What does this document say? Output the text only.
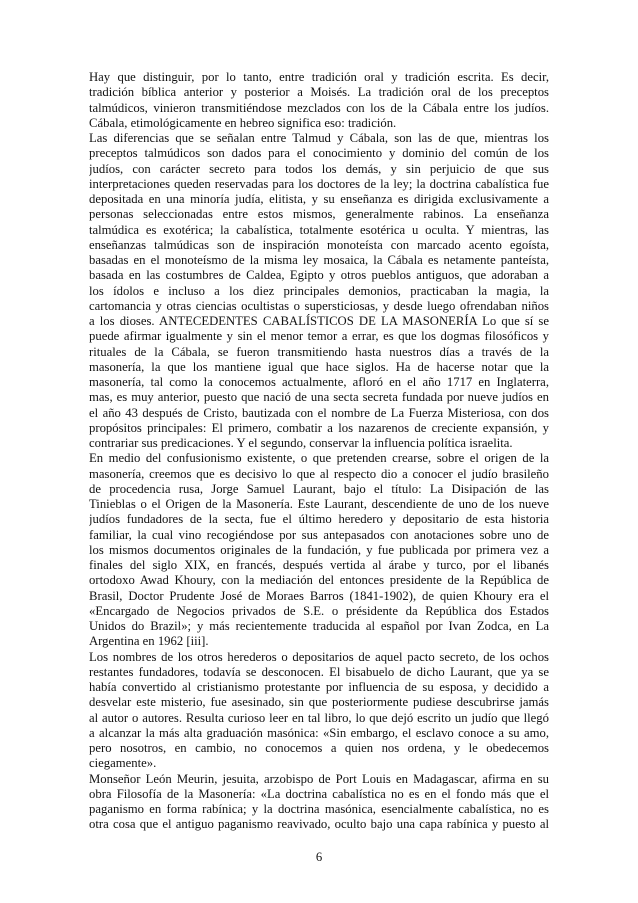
Hay que distinguir, por lo tanto, entre tradición oral y tradición escrita. Es decir,
tradición bíblica anterior y posterior a Moisés. La tradición oral de los preceptos
talmúdicos, vinieron transmitiéndose mezclados con los de la Cábala entre los judíos.
Cábala, etimológicamente en hebreo significa eso: tradición.
Las diferencias que se señalan entre Talmud y Cábala, son las de que, mientras los
preceptos talmúdicos son dados para el conocimiento y dominio del común de los
judíos, con carácter secreto para todos los demás, y sin perjuicio de que sus
interpretaciones queden reservadas para los doctores de la ley; la doctrina cabalística fue
depositada en una minoría judía, elitista, y su enseñanza es dirigida exclusivamente a
personas seleccionadas entre estos mismos, generalmente rabinos. La enseñanza
talmúdica es exotérica; la cabalística, totalmente esotérica u oculta. Y mientras, las
enseñanzas talmúdicas son de inspiración monoteísta con marcado acento egoísta,
basadas en el monoteísmo de la misma ley mosaica, la Cábala es netamente panteísta,
basada en las costumbres de Caldea, Egipto y otros pueblos antiguos, que adoraban a
los ídolos e incluso a los diez principales demonios, practicaban la magia, la
cartomancia y otras ciencias ocultistas o supersticiosas, y desde luego ofrendaban niños
a los dioses. ANTECEDENTES CABALÍSTICOS DE LA MASONERÍA Lo que sí se
puede afirmar igualmente y sin el menor temor a errar, es que los dogmas filosóficos y
rituales de la Cábala, se fueron transmitiendo hasta nuestros días a través de la
masonería, la que los mantiene igual que hace siglos. Ha de hacerse notar que la
masonería, tal como la conocemos actualmente, afloró en el año 1717 en Inglaterra,
mas, es muy anterior, puesto que nació de una secta secreta fundada por nueve judíos en
el año 43 después de Cristo, bautizada con el nombre de La Fuerza Misteriosa, con dos
propósitos principales: El primero, combatir a los nazarenos de creciente expansión, y
contrariar sus predicaciones. Y el segundo, conservar la influencia política israelita.
En medio del confusionismo existente, o que pretenden crearse, sobre el origen de la
masonería, creemos que es decisivo lo que al respecto dio a conocer el judío brasileño
de procedencia rusa, Jorge Samuel Laurant, bajo el título: La Disipación de las
Tinieblas o el Origen de la Masonería. Este Laurant, descendiente de uno de los nueve
judíos fundadores de la secta, fue el último heredero y depositario de esta historia
familiar, la cual vino recogiéndose por sus antepasados con anotaciones sobre uno de
los mismos documentos originales de la fundación, y fue publicada por primera vez a
finales del siglo XIX, en francés, después vertida al árabe y turco, por el libanés
ortodoxo Awad Khoury, con la mediación del entonces presidente de la República de
Brasil, Doctor Prudente José de Moraes Barros (1841-1902), de quien Khoury era el
«Encargado de Negocios privados de S.E. o présidente da República dos Estados
Unidos do Brazil»; y más recientemente traducida al español por Ivan Zodca, en La
Argentina en 1962 [iii].
Los nombres de los otros herederos o depositarios de aquel pacto secreto, de los ochos
restantes fundadores, todavía se desconocen. El bisabuelo de dicho Laurant, que ya se
había convertido al cristianismo protestante por influencia de su esposa, y decidido a
desvelar este misterio, fue asesinado, sin que posteriormente pudiese descubrirse jamás
al autor o autores. Resulta curioso leer en tal libro, lo que dejó escrito un judío que llegó
a alcanzar la más alta graduación masónica: «Sin embargo, el esclavo conoce a su amo,
pero nosotros, en cambio, no conocemos a quien nos ordena, y le obedecemos
ciegamente».
Monseñor León Meurin, jesuita, arzobispo de Port Louis en Madagascar, afirma en su
obra Filosofía de la Masonería: «La doctrina cabalística no es en el fondo más que el
paganismo en forma rabínica; y la doctrina masónica, esencialmente cabalística, no es
otra cosa que el antiguo paganismo reavivado, oculto bajo una capa rabínica y puesto al
6
